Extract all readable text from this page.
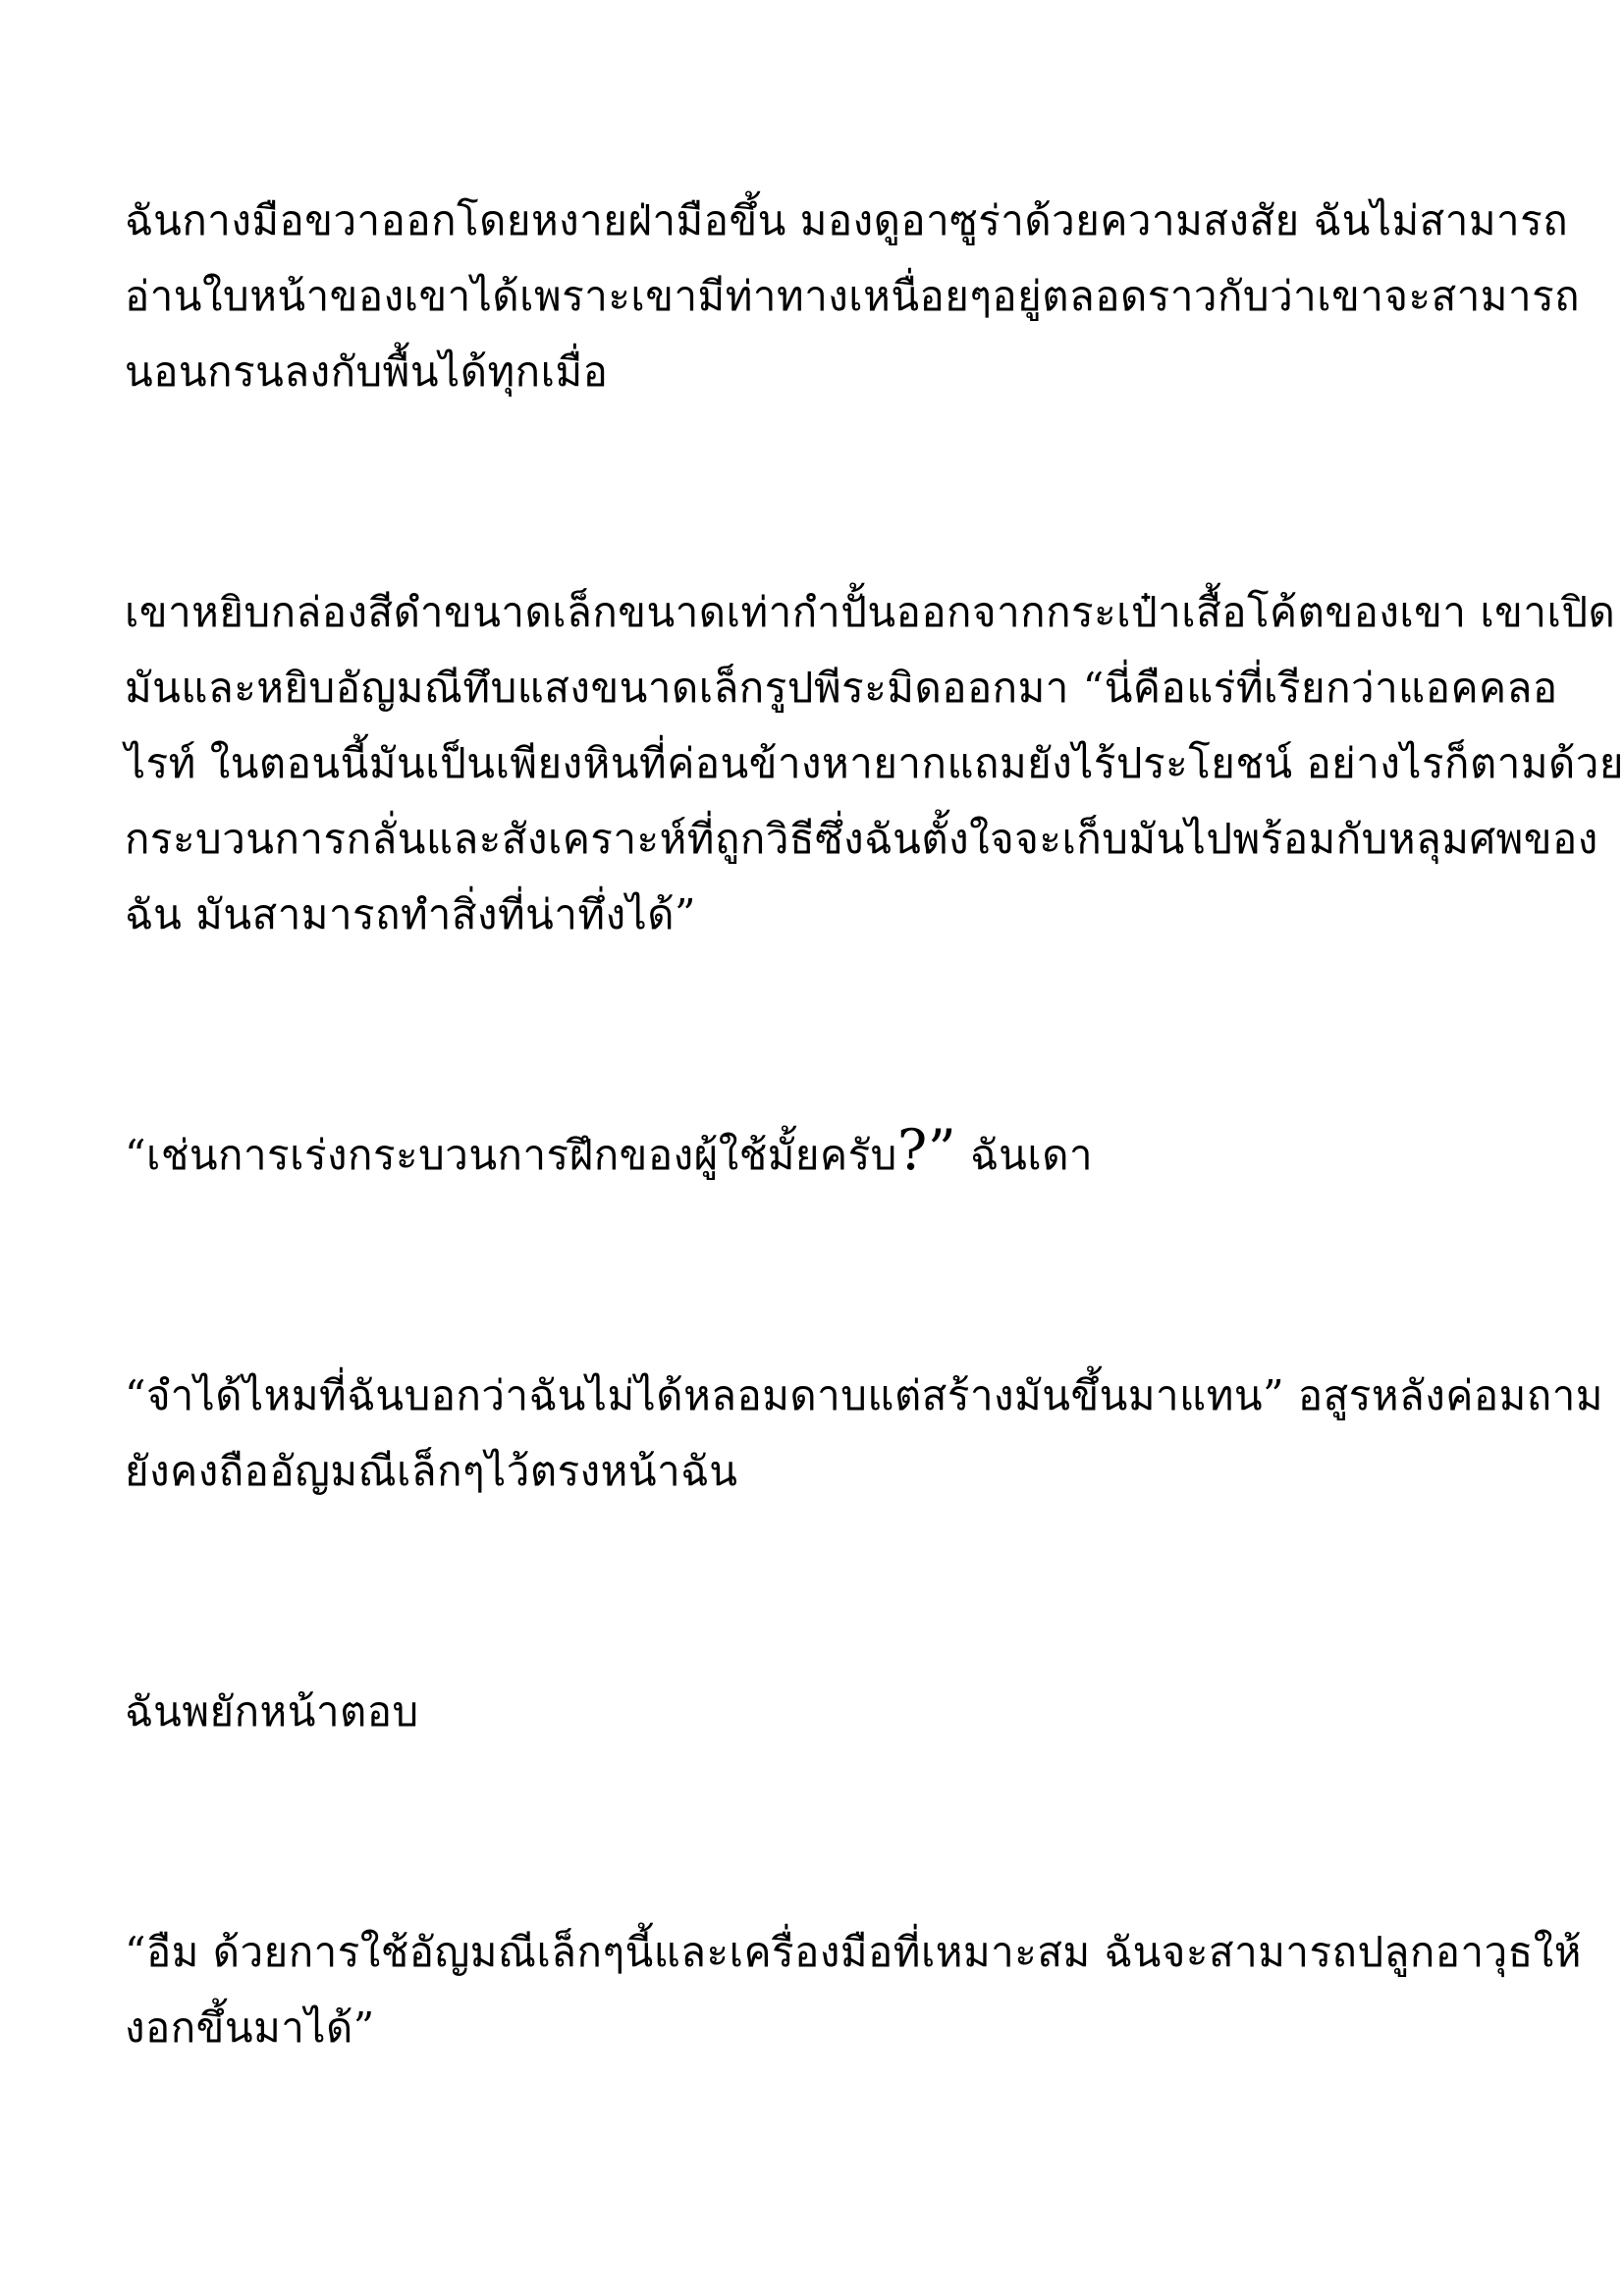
ฉันกางมือขวาออกโดยหงายฝ่ามือขึ้น มองดูอาซูร่าด้วยความสงสัย ฉันไม่สามารถ
อ่านใบหน้าของเขาได้เพราะเขามีท่าทางเหนื่อยๆอยู่ตลอดราวกับว่าเขาจะสามารถ
นอนกรนลงกับพื้นได้ทุกเมื่อ
เขาหยิบกล่องสีดำขนาดเล็กขนาดเท่ากำปั้นออกจากกระเป๋าเสื้อโค้ตของเขา เขาเปิด
มันและหยิบอัญมณีทึบแสงขนาดเล็กรูปพีระมิดออกมา “นี่คือแร่ที่เรียกว่าแอคคลอ
ไรท์ ในตอนนี้มันเป็นเพียงหินที่ค่อนข้างหายากแถมยังไร้ประโยชน์ อย่างไรก็ตามด้วย
กระบวนการกลั่นและสังเคราะห์ที่ถูกวิธีซึ่งฉันตั้งใจจะเก็บมันไปพร้อมกับหลุมศพของ
ฉัน มันสามารถทำสิ่งที่น่าทึ่งได้”
“เช่นการเร่งกระบวนการฝึกของผู้ใช้มั้ยครับ?” ฉันเดา
“จำได้ไหมที่ฉันบอกว่าฉันไม่ได้หลอมดาบแต่สร้างมันขึ้นมาแทน” อสูรหลังค่อมถาม
ยังคงถืออัญมณีเล็กๆไว้ตรงหน้าฉัน
ฉันพยักหน้าตอบ
“อืม ด้วยการใช้อัญมณีเล็กๆนี้และเครื่องมือที่เหมาะสม ฉันจะสามารถปลูกอาวุธให้
งอกขึ้นมาได้”
